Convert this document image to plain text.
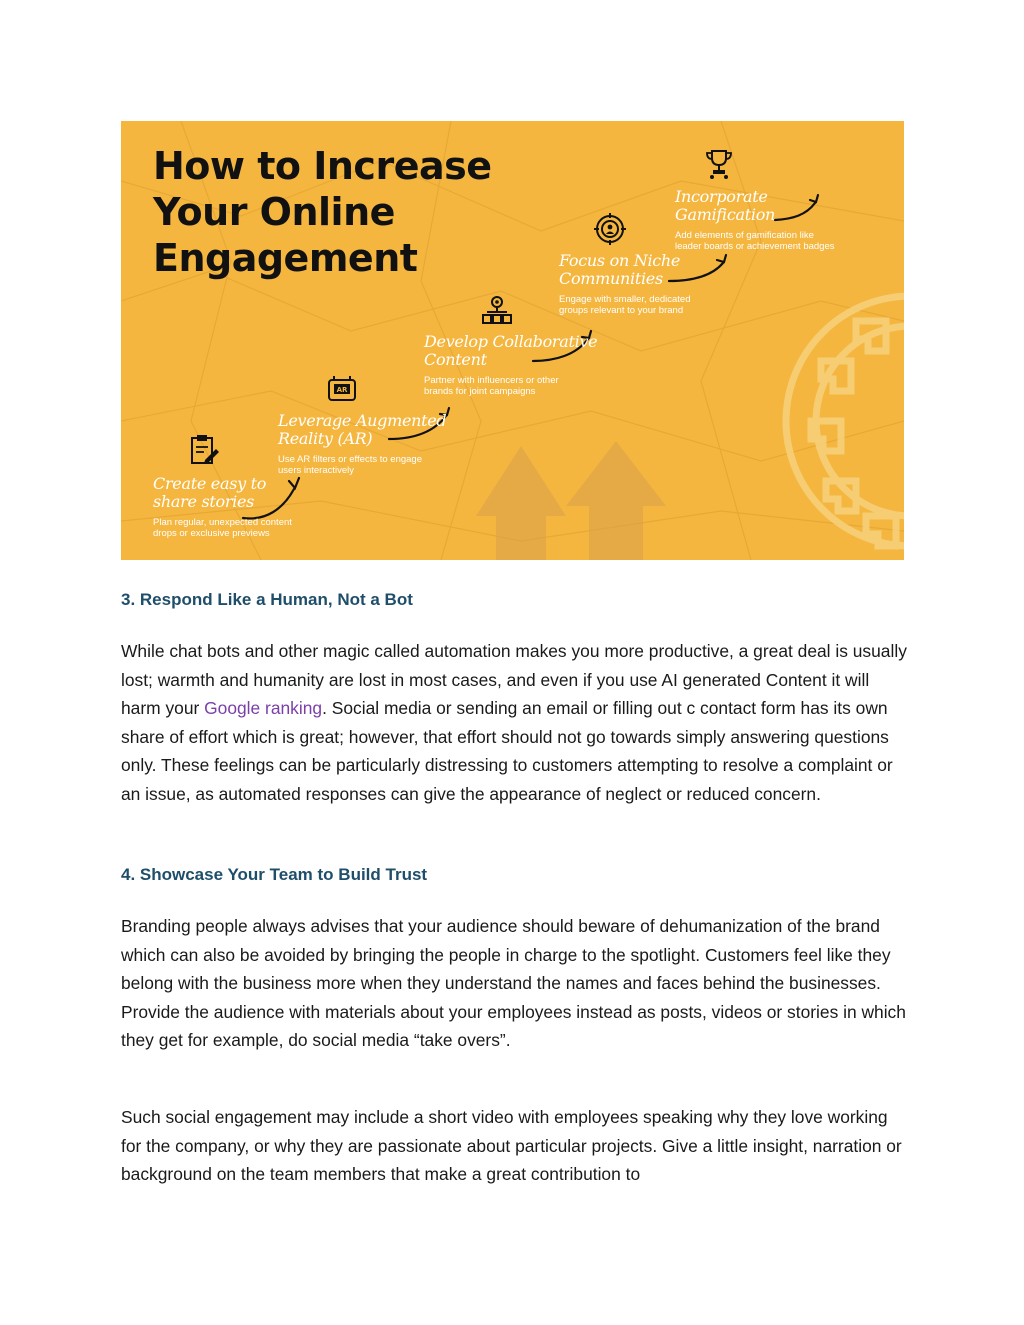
How to Increase
Your Online
Engagement
AR
Create easy to
share stories
Plan regular, unexpected content
drops or exclusive previews
Leverage Augmented
Reality (AR)
Use AR filters or effects to engage
users interactively
Develop Collaborative
Content
Partner with influencers or other
brands for joint campaigns
Focus on Niche
Communities
Engage with smaller, dedicated
groups relevant to your brand
Incorporate
Gamification
Add elements of gamification like
leader boards or achievement badges
3. Respond Like a Human, Not a Bot

While chat bots and other magic called automation makes you more productive, a great deal is usually lost; warmth and humanity are lost in most cases, and even if you use AI generated Content it will harm your Google ranking. Social media or sending an email or filling out c contact form has its own share of effort which is great; however, that effort should not go towards simply answering questions only. These feelings can be particularly distressing to customers attempting to resolve a complaint or an issue, as automated responses can give the appearance of neglect or reduced concern.

4. Showcase Your Team to Build Trust

Branding people always advises that your audience should beware of dehumanization of the brand which can also be avoided by bringing the people in charge to the spotlight. Customers feel like they belong with the business more when they understand the names and faces behind the businesses. Provide the audience with materials about your employees instead as posts, videos or stories in which they get for example, do social media “take overs”.

Such social engagement may include a short video with employees speaking why they love working for the company, or why they are passionate about particular projects. Give a little insight, narration or background on the team members that make a great contribution to
